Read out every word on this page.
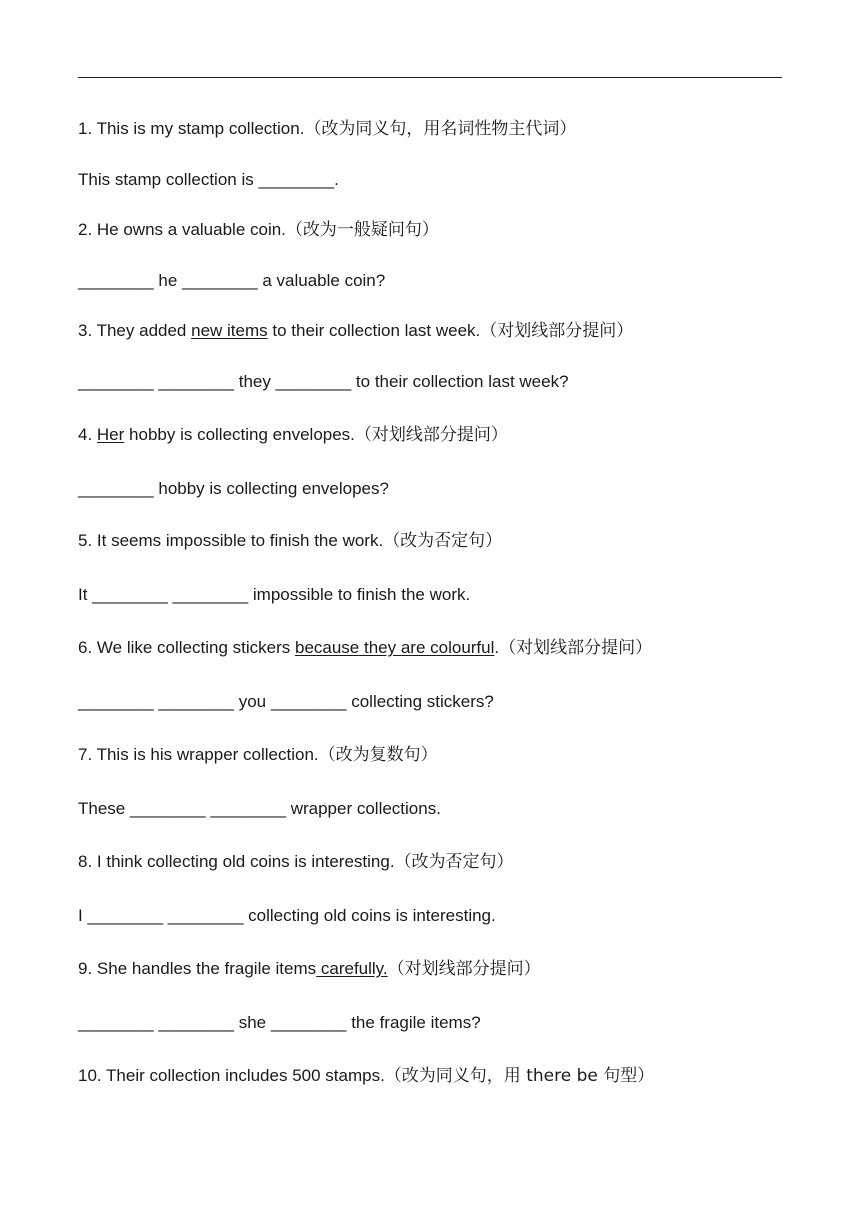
1. This is my stamp collection.（改为同义句，用名词性物主代词）
This stamp collection is ________.
2. He owns a valuable coin.（改为一般疑问句）
________ he ________ a valuable coin?
3. They added new items to their collection last week.（对划线部分提问）
________ ________ they ________ to their collection last week?
4. Her hobby is collecting envelopes.（对划线部分提问）
________ hobby is collecting envelopes?
5. It seems impossible to finish the work.（改为否定句）
It ________ ________ impossible to finish the work.
6. We like collecting stickers because they are colourful.（对划线部分提问）
________ ________ you ________ collecting stickers?
7. This is his wrapper collection.（改为复数句）
These ________ ________ wrapper collections.
8. I think collecting old coins is interesting.（改为否定句）
I ________ ________ collecting old coins is interesting.
9. She handles the fragile items carefully.（对划线部分提问）
________ ________ she ________ the fragile items?
10. Their collection includes 500 stamps.（改为同义句，用 there be 句型）
